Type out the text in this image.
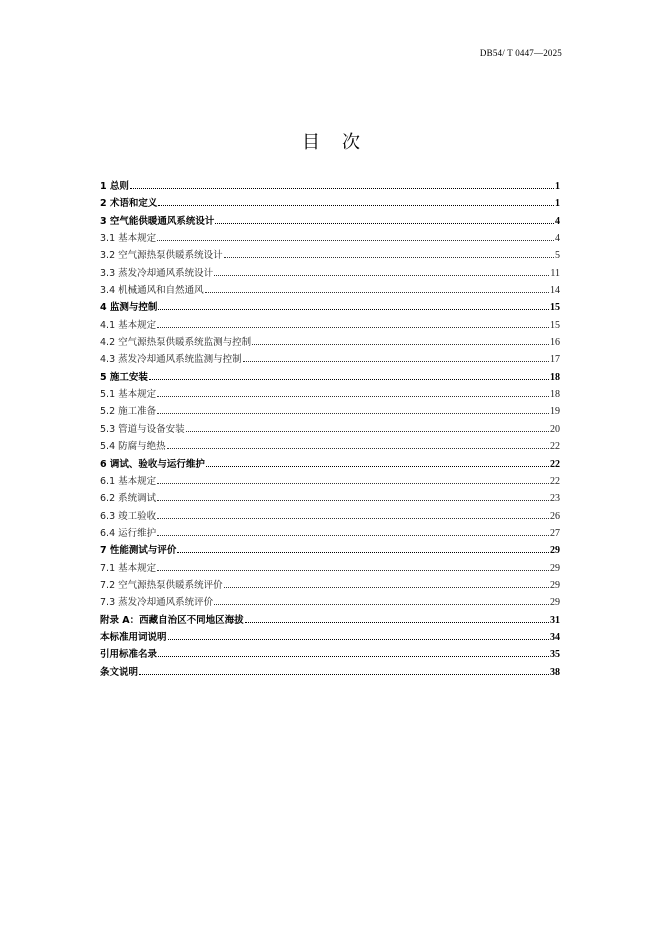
DB54/ T 0447—2025
目 次
1 总则	1
2 术语和定义	1
3 空气能供暖通风系统设计	4
3.1 基本规定	4
3.2 空气源热泵供暖系统设计	5
3.3 蒸发冷却通风系统设计	11
3.4 机械通风和自然通风	14
4 监测与控制	15
4.1 基本规定	15
4.2 空气源热泵供暖系统监测与控制	16
4.3 蒸发冷却通风系统监测与控制	17
5 施工安装	18
5.1 基本规定	18
5.2 施工准备	19
5.3 管道与设备安装	20
5.4 防腐与绝热	22
6 调试、验收与运行维护	22
6.1 基本规定	22
6.2 系统调试	23
6.3 竣工验收	26
6.4 运行维护	27
7 性能测试与评价	29
7.1 基本规定	29
7.2 空气源热泵供暖系统评价	29
7.3 蒸发冷却通风系统评价	29
附录 A：西藏自治区不同地区海拔	31
本标准用词说明	34
引用标准名录	35
条文说明	38
